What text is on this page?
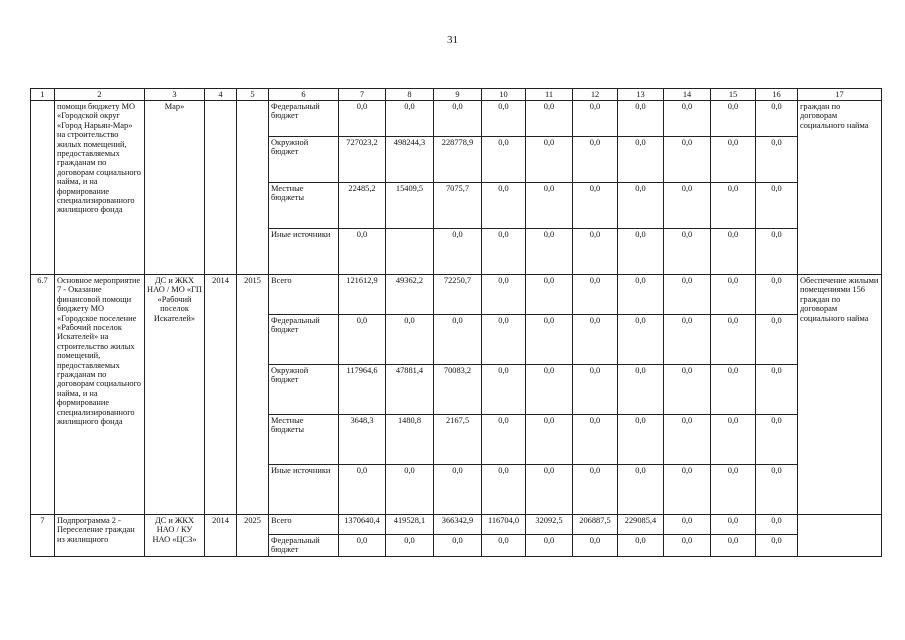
31
1	2	3	4	5	6	7	8	9	10	11	12	13	14	15	16	17
	помощи бюджету МО «Городской округ «Город Нарьян-Мар» на строительство жилых помещений, предоставляемых гражданам по договорам социального найма, и на формирование специализированного жилищного фонда	Мар»			Федеральный бюджет	0,0	0,0	0,0	0,0	0,0	0,0	0,0	0,0	0,0	0,0	граждан по договорам социального найма
					Окружной бюджет	727023,2	498244,3	228778,9	0,0	0,0	0,0	0,0	0,0	0,0	0,0	
					Местные бюджеты	22485,2	15409,5	7075,7	0,0	0,0	0,0	0,0	0,0	0,0	0,0	
					Иные источники	0,0		0,0	0,0	0,0	0,0	0,0	0,0	0,0	0,0	
6.7	Основное мероприятие 7 - Оказание финансовой помощи бюджету МО «Городское поселение «Рабочий поселок Искателей» на строительство жилых помещений, предоставляемых гражданам по договорам социального найма, и на формирование специализированного жилищного фонда	ДС и ЖКХ НАО / МО «ГП «Рабочий поселок Искателей»	2014	2015	Всего	121612,9	49362,2	72250,7	0,0	0,0	0,0	0,0	0,0	0,0	0,0	Обеспечение жилыми помещениями 156 граждан по договорам социального найма
					Федеральный бюджет	0,0	0,0	0,0	0,0	0,0	0,0	0,0	0,0	0,0	0,0	
					Окружной бюджет	117964,6	47881,4	70083,2	0,0	0,0	0,0	0,0	0,0	0,0	0,0	
					Местные бюджеты	3648,3	1480,8	2167,5	0,0	0,0	0,0	0,0	0,0	0,0	0,0	
					Иные источники	0,0	0,0	0,0	0,0	0,0	0,0	0,0	0,0	0,0	0,0	
7	Подпрограмма 2 - Переселение граждан из жилищного	ДС и ЖКХ НАО / КУ НАО «ЦСЗ»	2014	2025	Всего	1370640,4	419528,1	366342,9	116704,0	32092,5	206887,5	229085,4	0,0	0,0	0,0	
					Федеральный бюджет	0,0	0,0	0,0	0,0	0,0	0,0	0,0	0,0	0,0	0,0	
